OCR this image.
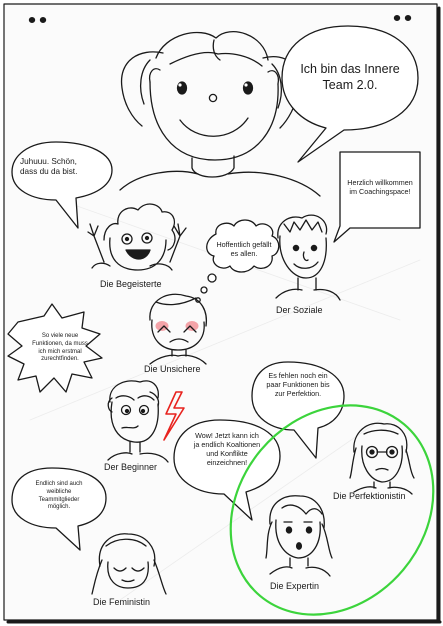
Ich bin das Innere
Team 2.0.
Juhuuu. Schön,
dass du da bist.
Herzlich willkommen
im Coachingspace!
Hoffentlich gefällt
es allen.
So viele neue
Funktionen, da muss
ich mich erstmal
zurechtfinden.
Es fehlen noch ein
paar Funktionen bis
zur Perfektion.
Wow! Jetzt kann ich
ja endlich Koaltionen
und Konflikte
einzeichnen!
Endlich sind auch
weibliche
Teammitglieder
möglich.
Die Begeisterte
Der Soziale
Die Unsichere
Der Beginner
Die Perfektionistin
Die Expertin
Die Feministin
